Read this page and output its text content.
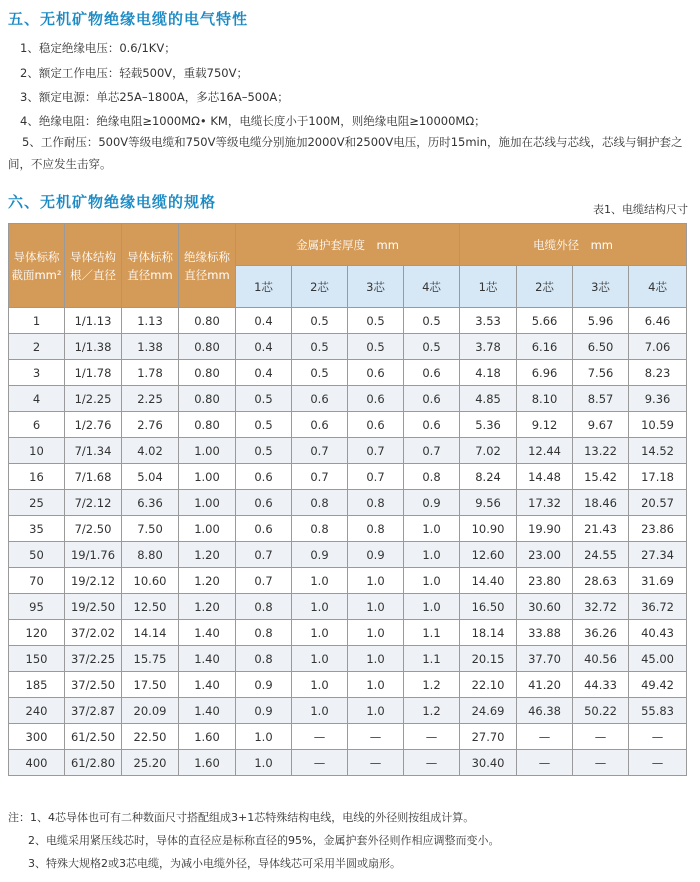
五、无机矿物绝缘电缆的电气特性
1、稳定绝缘电压：0.6/1KV；
2、额定工作电压：轻载500V，重载750V；
3、额定电源：单芯25A–1800A，多芯16A–500A；
4、绝缘电阻：绝缘电阻≥1000MΩ• KM，电缆长度小于100M，则绝缘电阻≥10000MΩ；
5、工作耐压：500V等级电缆和750V等级电缆分别施加2000V和2500V电压，历时15min，施加在芯线与芯线，芯线与铜护套之间，不应发生击穿。
六、无机矿物绝缘电缆的规格	表1、电缆结构尺寸
导体标称截面mm²	导体结构根／直径	导体标称直径mm	绝缘标称直径mm	金属护套厚度　mm				电缆外径　mm			
				1芯	2芯	3芯	4芯	1芯	2芯	3芯	4芯
1	1/1.13	1.13	0.80	0.4	0.5	0.5	0.5	3.53	5.66	5.96	6.46
2	1/1.38	1.38	0.80	0.4	0.5	0.5	0.5	3.78	6.16	6.50	7.06
3	1/1.78	1.78	0.80	0.4	0.5	0.6	0.6	4.18	6.96	7.56	8.23
4	1/2.25	2.25	0.80	0.5	0.6	0.6	0.6	4.85	8.10	8.57	9.36
6	1/2.76	2.76	0.80	0.5	0.6	0.6	0.6	5.36	9.12	9.67	10.59
10	7/1.34	4.02	1.00	0.5	0.7	0.7	0.7	7.02	12.44	13.22	14.52
16	7/1.68	5.04	1.00	0.6	0.7	0.7	0.8	8.24	14.48	15.42	17.18
25	7/2.12	6.36	1.00	0.6	0.8	0.8	0.9	9.56	17.32	18.46	20.57
35	7/2.50	7.50	1.00	0.6	0.8	0.8	1.0	10.90	19.90	21.43	23.86
50	19/1.76	8.80	1.20	0.7	0.9	0.9	1.0	12.60	23.00	24.55	27.34
70	19/2.12	10.60	1.20	0.7	1.0	1.0	1.0	14.40	23.80	28.63	31.69
95	19/2.50	12.50	1.20	0.8	1.0	1.0	1.0	16.50	30.60	32.72	36.72
120	37/2.02	14.14	1.40	0.8	1.0	1.0	1.1	18.14	33.88	36.26	40.43
150	37/2.25	15.75	1.40	0.8	1.0	1.0	1.1	20.15	37.70	40.56	45.00
185	37/2.50	17.50	1.40	0.9	1.0	1.0	1.2	22.10	41.20	44.33	49.42
240	37/2.87	20.09	1.40	0.9	1.0	1.0	1.2	24.69	46.38	50.22	55.83
300	61/2.50	22.50	1.60	1.0	—	—	—	27.70	—	—	—
400	61/2.80	25.20	1.60	1.0	—	—	—	30.40	—	—	—
注：1、4芯导体也可有二种数面尺寸搭配组成3+1芯特殊结构电线，电线的外径则按组成计算。
2、电缆采用紧压线芯时，导体的直径应是标称直径的95%，金属护套外径则作相应调整而变小。
3、特殊大规格2或3芯电缆，为减小电缆外径，导体线芯可采用半圆或扇形。
